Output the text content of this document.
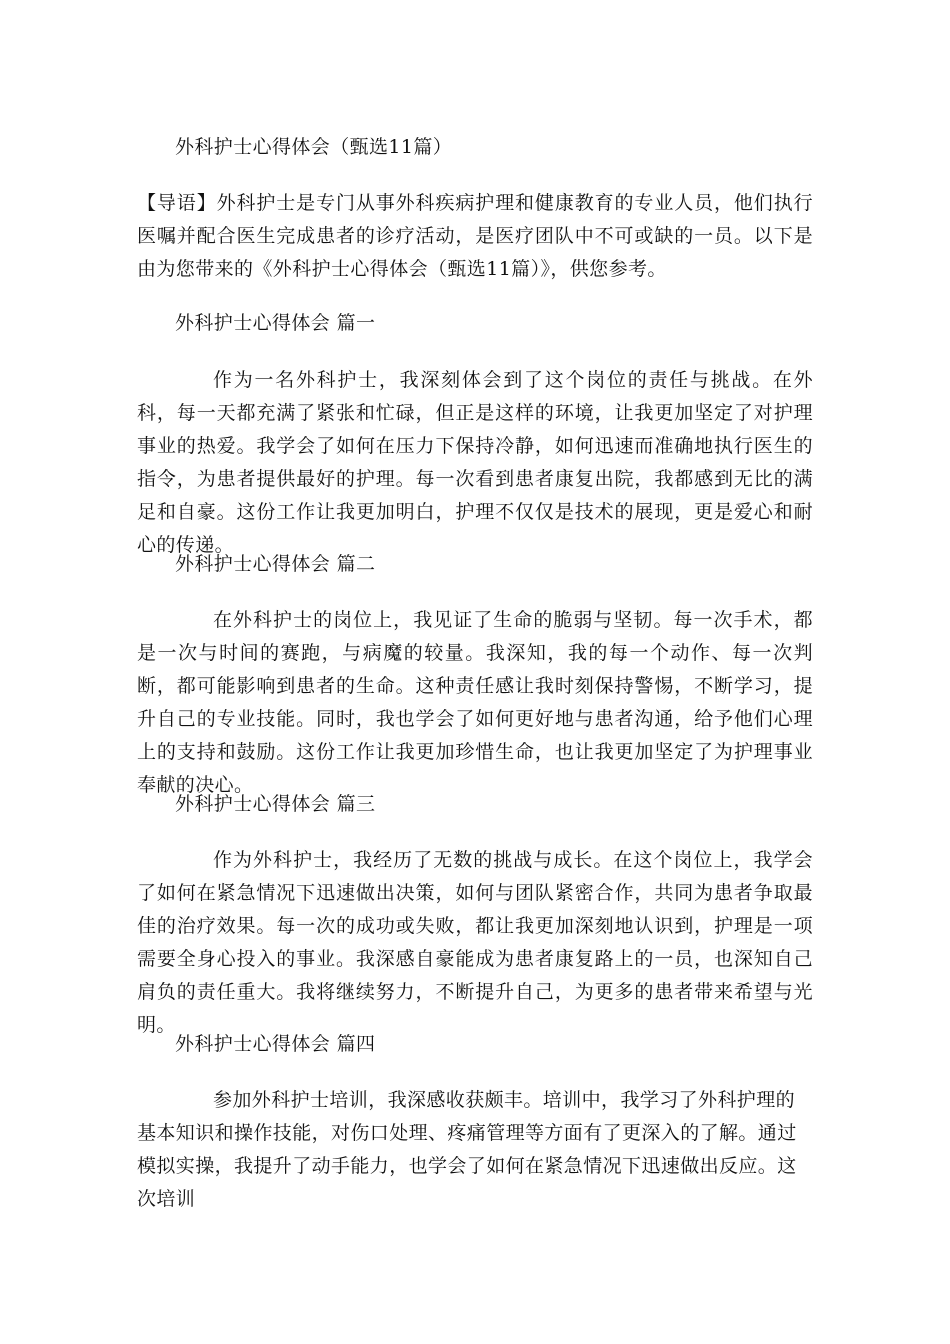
外科护士心得体会（甄选11篇）

【导语】外科护士是专门从事外科疾病护理和健康教育的专业人员，他们执行医嘱并配合医生完成患者的诊疗活动，是医疗团队中不可或缺的一员。以下是由为您带来的《外科护士心得体会（甄选11篇）》，供您参考。

外科护士心得体会 篇一

作为一名外科护士，我深刻体会到了这个岗位的责任与挑战。在外科，每一天都充满了紧张和忙碌，但正是这样的环境，让我更加坚定了对护理事业的热爱。我学会了如何在压力下保持冷静，如何迅速而准确地执行医生的指令，为患者提供最好的护理。每一次看到患者康复出院，我都感到无比的满足和自豪。这份工作让我更加明白，护理不仅仅是技术的展现，更是爱心和耐心的传递。

外科护士心得体会 篇二

在外科护士的岗位上，我见证了生命的脆弱与坚韧。每一次手术，都是一次与时间的赛跑，与病魔的较量。我深知，我的每一个动作、每一次判断，都可能影响到患者的生命。这种责任感让我时刻保持警惕，不断学习，提升自己的专业技能。同时，我也学会了如何更好地与患者沟通，给予他们心理上的支持和鼓励。这份工作让我更加珍惜生命，也让我更加坚定了为护理事业奉献的决心。

外科护士心得体会 篇三

作为外科护士，我经历了无数的挑战与成长。在这个岗位上，我学会了如何在紧急情况下迅速做出决策，如何与团队紧密合作，共同为患者争取最佳的治疗效果。每一次的成功或失败，都让我更加深刻地认识到，护理是一项需要全身心投入的事业。我深感自豪能成为患者康复路上的一员，也深知自己肩负的责任重大。我将继续努力，不断提升自己，为更多的患者带来希望与光明。

外科护士心得体会 篇四

参加外科护士培训，我深感收获颇丰。培训中，我学习了外科护理的基本知识和操作技能，对伤口处理、疼痛管理等方面有了更深入的了解。通过模拟实操，我提升了动手能力，也学会了如何在紧急情况下迅速做出反应。这次培训
